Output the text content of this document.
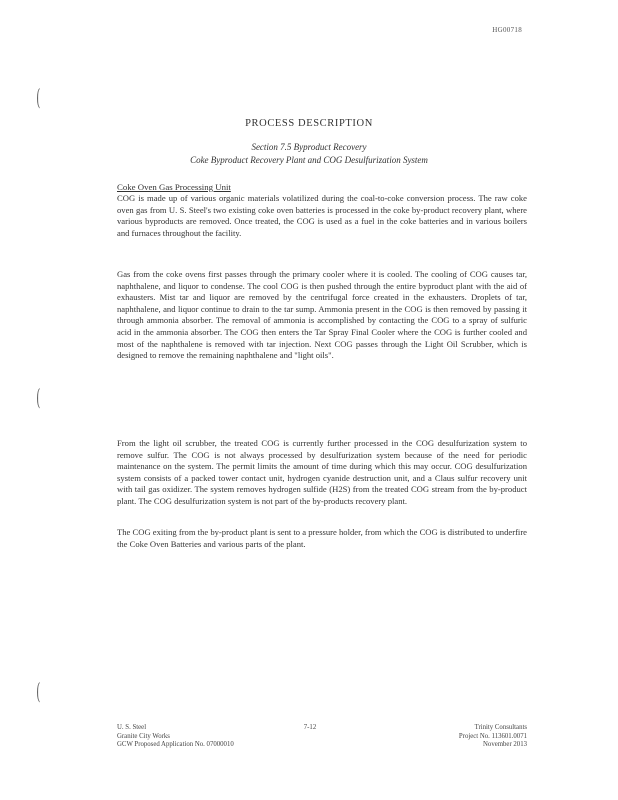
HG00718
(
(
(
PROCESS DESCRIPTION
Section 7.5 Byproduct Recovery
Coke Byproduct Recovery Plant and COG Desulfurization System
Coke Oven Gas Processing Unit
COG is made up of various organic materials volatilized during the coal-to-coke conversion process. The raw coke oven gas from U. S. Steel's two existing coke oven batteries is processed in the coke by-product recovery plant, where various byproducts are removed. Once treated, the COG is used as a fuel in the coke batteries and in various boilers and furnaces throughout the facility.
Gas from the coke ovens first passes through the primary cooler where it is cooled. The cooling of COG causes tar, naphthalene, and liquor to condense. The cool COG is then pushed through the entire byproduct plant with the aid of exhausters. Mist tar and liquor are removed by the centrifugal force created in the exhausters. Droplets of tar, naphthalene, and liquor continue to drain to the tar sump. Ammonia present in the COG is then removed by passing it through ammonia absorber. The removal of ammonia is accomplished by contacting the COG to a spray of sulfuric acid in the ammonia absorber. The COG then enters the Tar Spray Final Cooler where the COG is further cooled and most of the naphthalene is removed with tar injection. Next COG passes through the Light Oil Scrubber, which is designed to remove the remaining naphthalene and "light oils".
From the light oil scrubber, the treated COG is currently further processed in the COG desulfurization system to remove sulfur. The COG is not always processed by desulfurization system because of the need for periodic maintenance on the system. The permit limits the amount of time during which this may occur. COG desulfurization system consists of a packed tower contact unit, hydrogen cyanide destruction unit, and a Claus sulfur recovery unit with tail gas oxidizer. The system removes hydrogen sulfide (H2S) from the treated COG stream from the by-product plant. The COG desulfurization system is not part of the by-products recovery plant.
The COG exiting from the by-product plant is sent to a pressure holder, from which the COG is distributed to underfire the Coke Oven Batteries and various parts of the plant.
U. S. Steel
Granite City Works
GCW Proposed Application No. 07000010
7-12	Trinity Consultants
Project No. 113601.0071
November 2013
